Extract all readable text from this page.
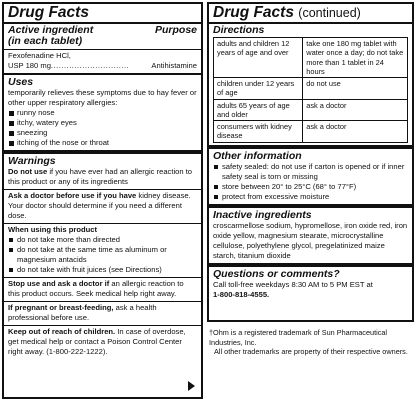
Drug Facts
Active ingredient	Purpose
(in each tablet)
Fexofenadine HCl,
USP 180 mg..............................	Antihistamine
Uses
temporarily relieves these symptoms due to hay fever or other upper respiratory allergies:
runny nose
itchy, watery eyes
sneezing
itching of the nose or throat
Warnings
Do not use if you have ever had an allergic reaction to this product or any of its ingredients
Ask a doctor before use if you have kidney disease. Your doctor should determine if you need a different dose.
When using this product
do not take more than directed
do not take at the same time as aluminum or magnesium antacids
do not take with fruit juices (see Directions)
Stop use and ask a doctor if an allergic reaction to this product occurs. Seek medical help right away.
If pregnant or breast-feeding, ask a health professional before use.
Keep out of reach of children. In case of overdose, get medical help or contact a Poison Control Center right away. (1-800-222-1222).
Drug Facts (continued)
Directions
adults and children 12 years of age and over	take one 180 mg tablet with water once a day; do not take more than 1 tablet in 24 hours
children under 12 years of age	do not use
adults 65 years of age and older	ask a doctor
consumers with kidney disease	ask a doctor
Other information
safety sealed: do not use if carton is opened or if inner safety seal is torn or missing
store between 20° to 25°C (68° to 77°F)
protect from excessive moisture
Inactive ingredients
croscarmellose sodium, hypromellose, iron oxide red, iron oxide yellow, magnesium stearate, microcrystalline cellulose, polyethylene glycol, pregelatinized maize starch, titanium dioxide
Questions or comments?
Call toll-free weekdays 8:30 AM to 5 PM EST at
1-800-818-4555.
†Ohm is a registered trademark of Sun Pharmaceutical Industries, Inc.
All other trademarks are property of their respective owners.
